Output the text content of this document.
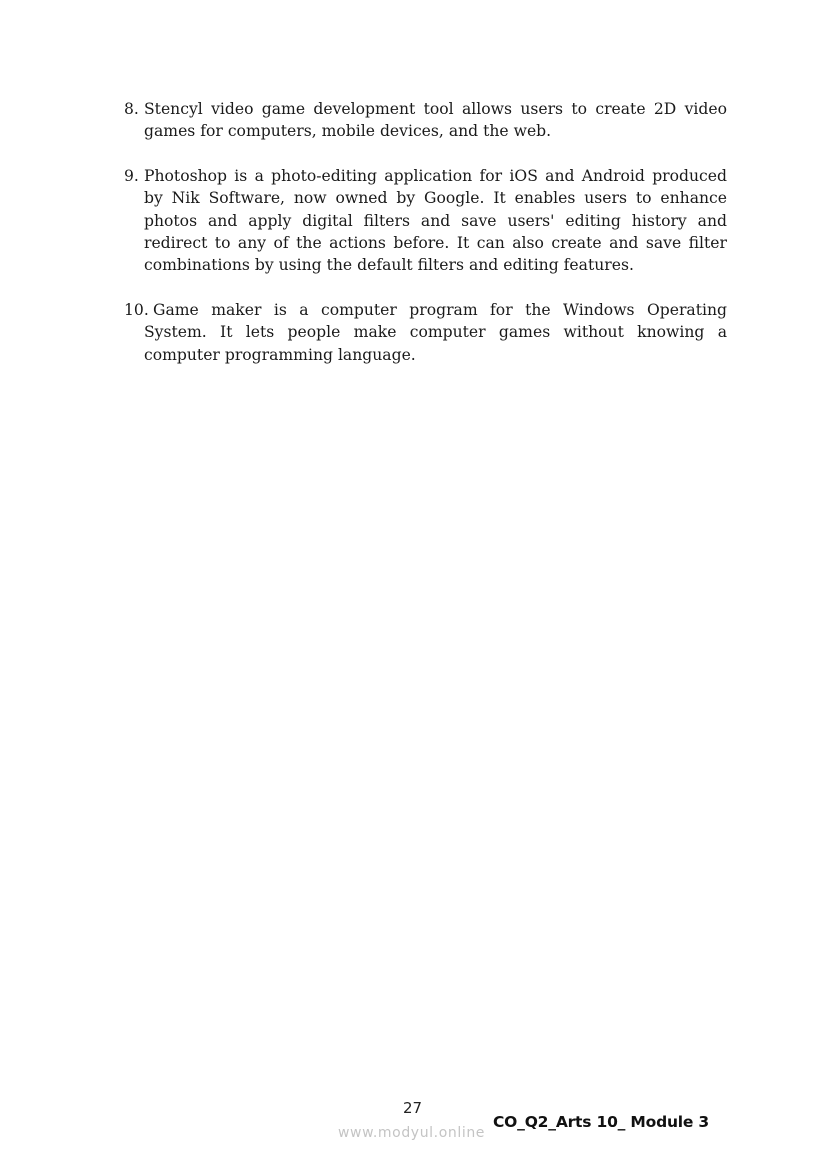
8. Stencyl video game development tool allows users to create 2D video games for computers, mobile devices, and the web.
9. Photoshop is a photo-editing application for iOS and Android produced by Nik Software, now owned by Google. It enables users to enhance photos and apply digital filters and save users' editing history and redirect to any of the actions before. It can also create and save filter combinations by using the default filters and editing features.
10. Game maker is a computer program for the Windows Operating System. It lets people make computer games without knowing a computer programming language.
27
CO_Q2_Arts 10_ Module 3
www.modyul.online
